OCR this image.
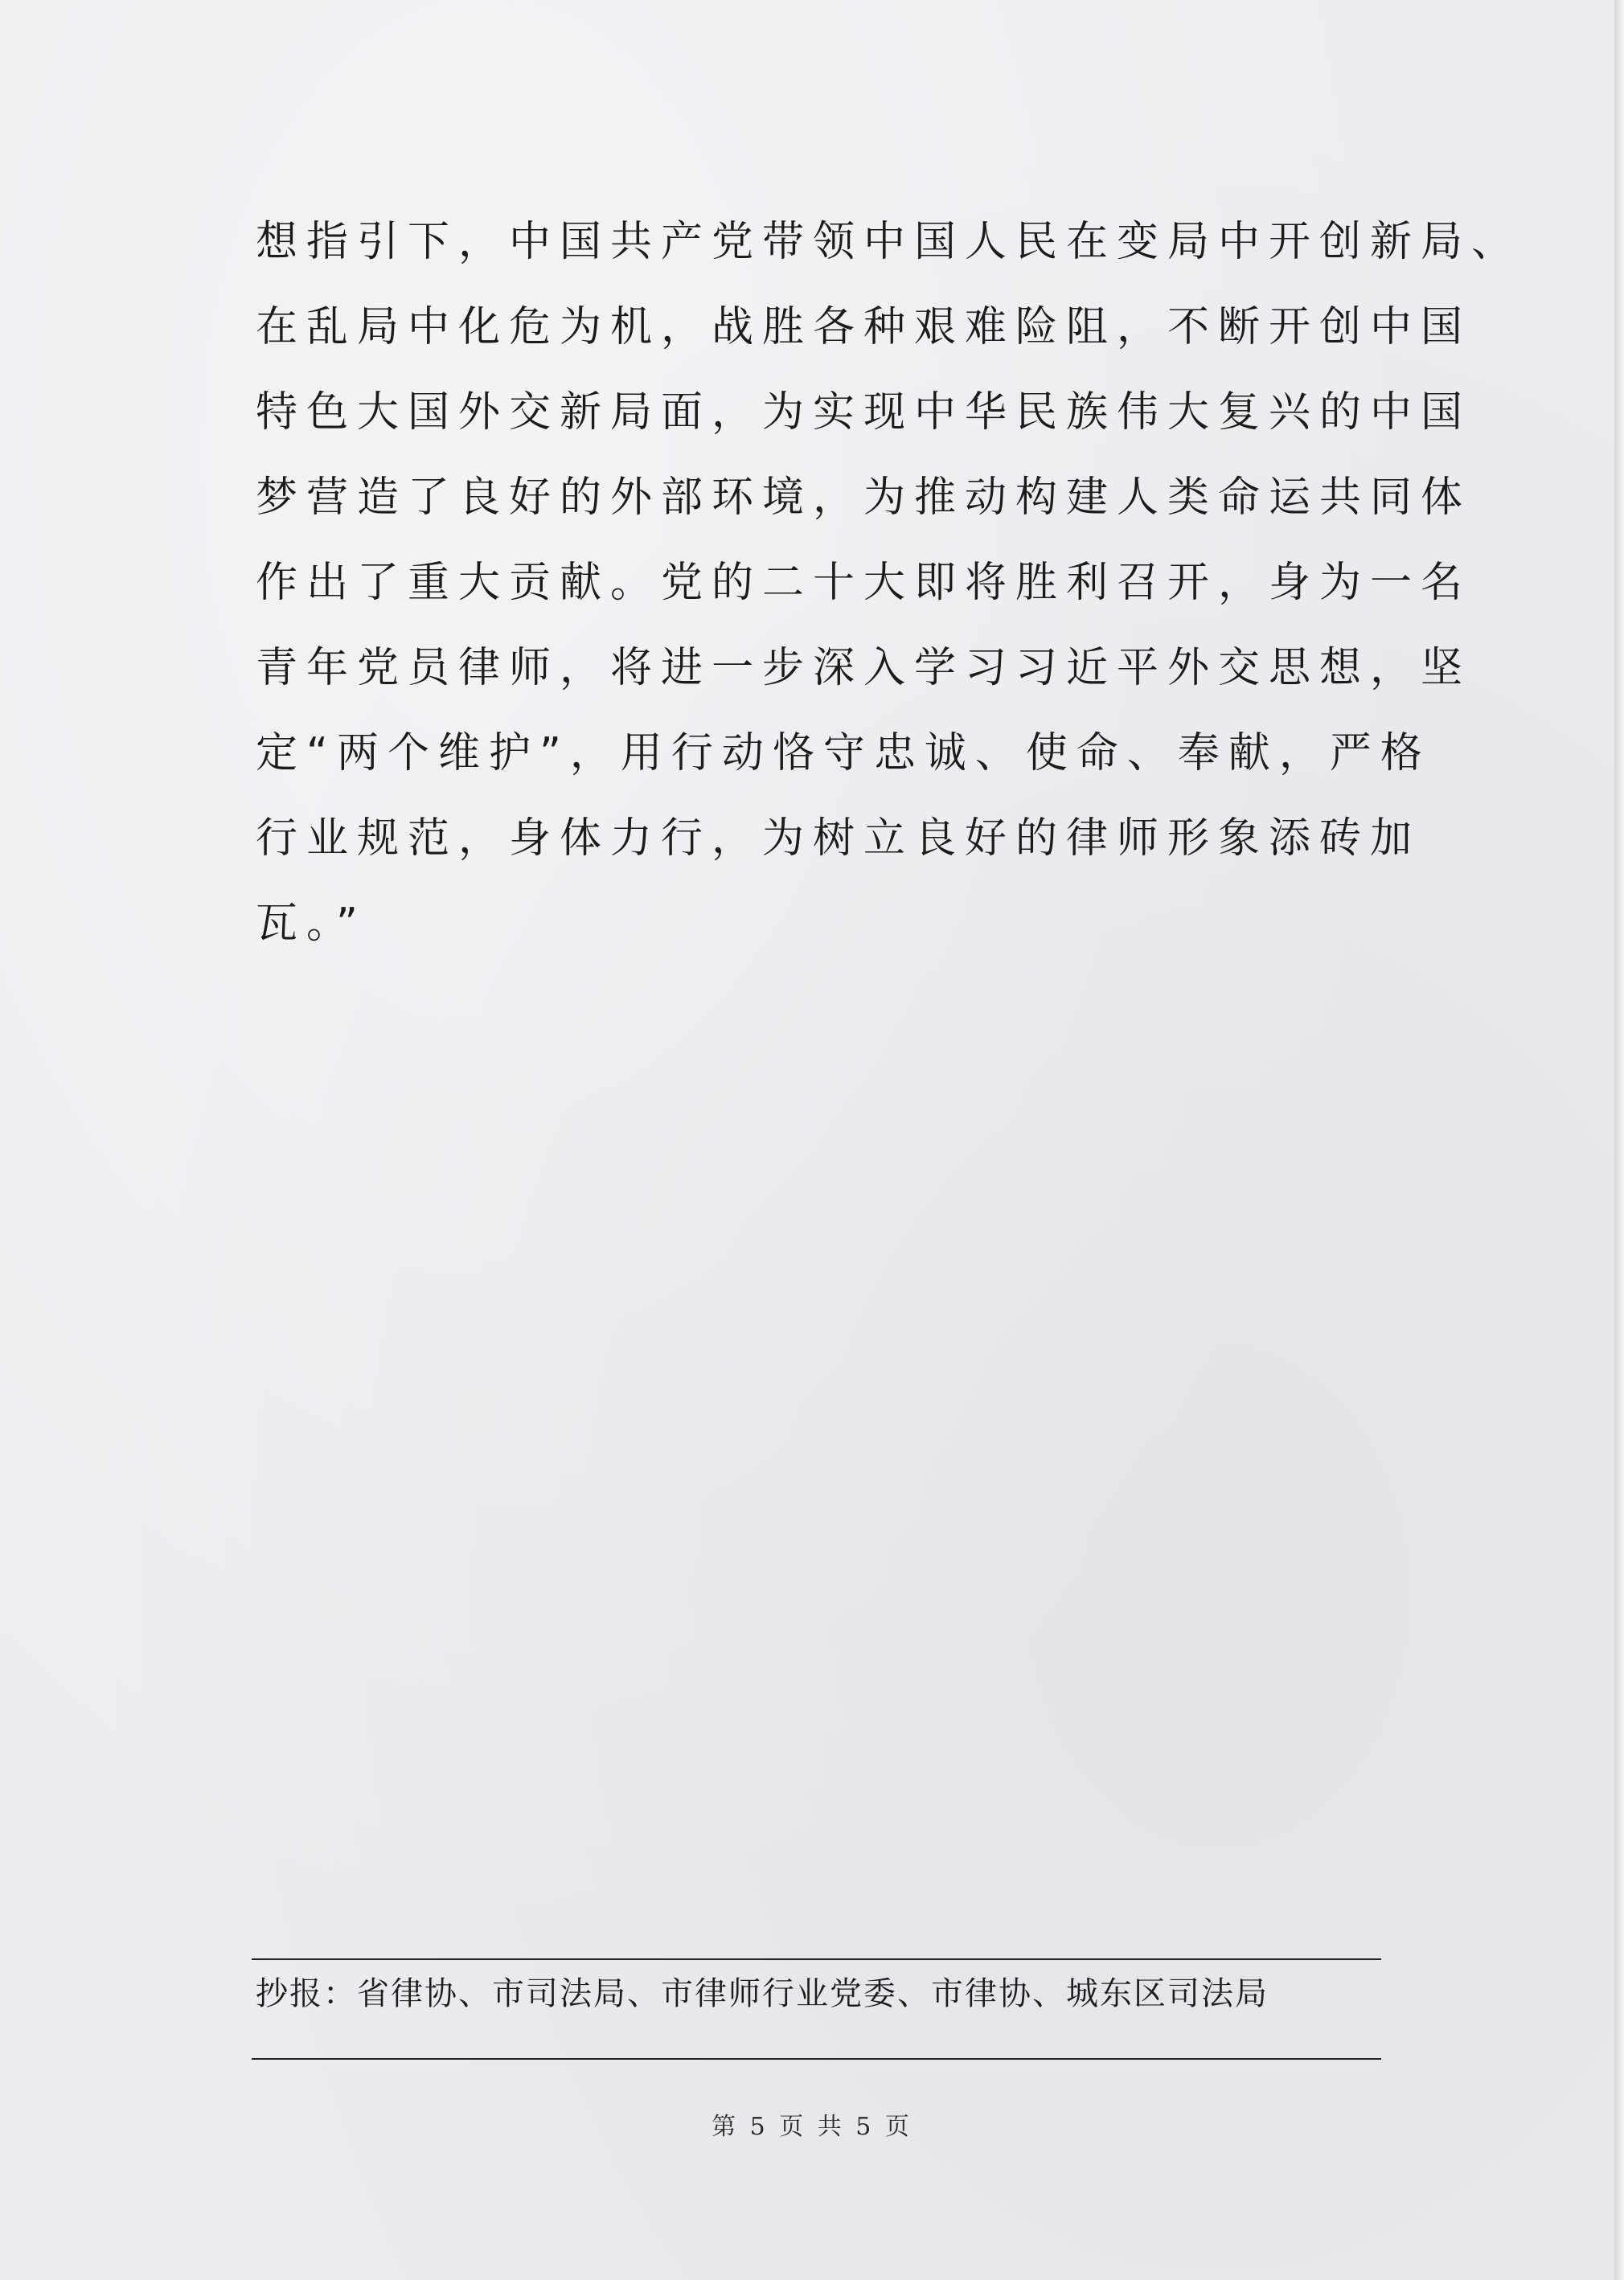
想指引下，中国共产党带领中国人民在变局中开创新局、
在乱局中化危为机，战胜各种艰难险阻，不断开创中国
特色大国外交新局面，为实现中华民族伟大复兴的中国
梦营造了良好的外部环境，为推动构建人类命运共同体
作出了重大贡献。党的二十大即将胜利召开，身为一名
青年党员律师，将进一步深入学习习近平外交思想，坚
定“两个维护”，用行动恪守忠诚、使命、奉献，严格
行业规范，身体力行，为树立良好的律师形象添砖加
瓦。”
抄报：省律协、市司法局、市律师行业党委、市律协、城东区司法局
第 5 页 共 5 页
